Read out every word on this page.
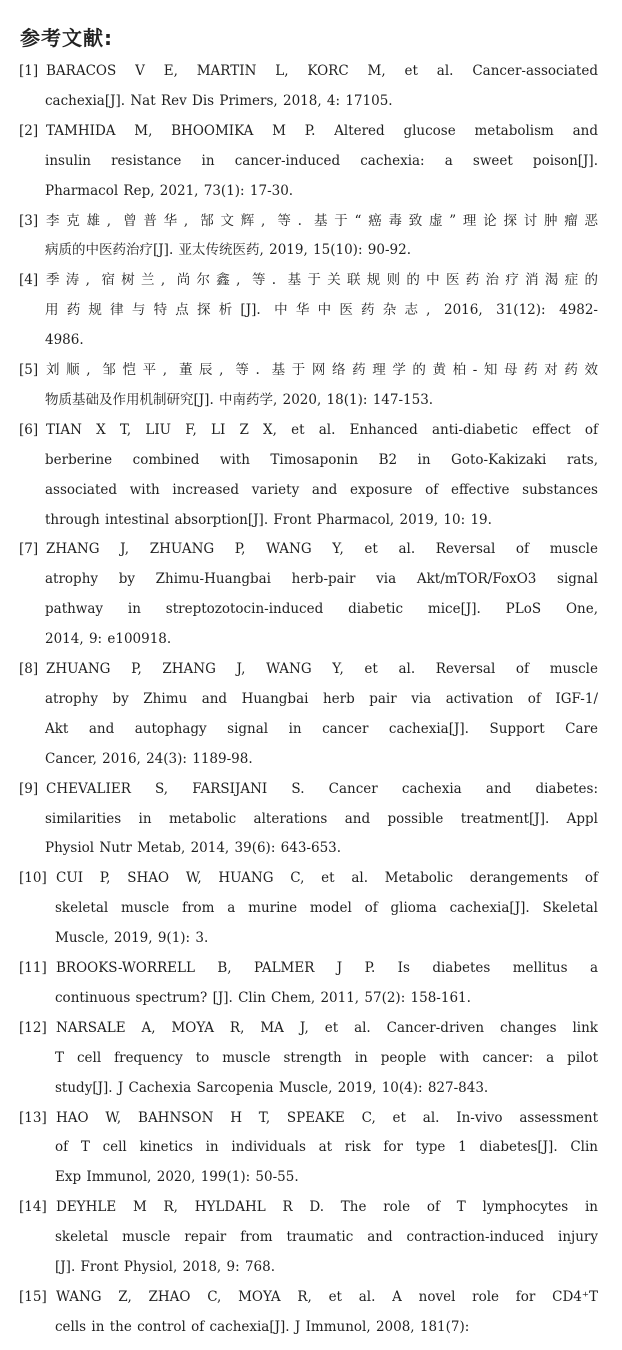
参考文献:
[1] BARACOS V E, MARTIN L, KORC M, et al. Cancer-associated
cachexia[J]. Nat Rev Dis Primers, 2018, 4: 17105.
[2] TAMHIDA M, BHOOMIKA M P. Altered glucose metabolism and
insulin resistance in cancer-induced cachexia: a sweet poison[J].
Pharmacol Rep, 2021, 73(1): 17-30.
[3] 李克雄, 曾普华, 郜文辉, 等. 基于“癌毒致虚”理论探讨肿瘤恶
病质的中医药治疗[J]. 亚太传统医药, 2019, 15(10): 90-92.
[4] 季涛, 宿树兰, 尚尔鑫, 等. 基于关联规则的中医药治疗消渴症的
用药规律与特点探析[J]. 中华中医药杂志, 2016, 31(12): 4982-
4986.
[5] 刘顺, 邹恺平, 董辰, 等. 基于网络药理学的黄柏-知母药对药效
物质基础及作用机制研究[J]. 中南药学, 2020, 18(1): 147-153.
[6] TIAN X T, LIU F, LI Z X, et al. Enhanced anti-diabetic effect of
berberine combined with Timosaponin B2 in Goto-Kakizaki rats,
associated with increased variety and exposure of effective substances
through intestinal absorption[J]. Front Pharmacol, 2019, 10: 19.
[7] ZHANG J, ZHUANG P, WANG Y, et al. Reversal of muscle
atrophy by Zhimu-Huangbai herb-pair via Akt/mTOR/FoxO3 signal
pathway in streptozotocin-induced diabetic mice[J]. PLoS One,
2014, 9: e100918.
[8] ZHUANG P, ZHANG J, WANG Y, et al. Reversal of muscle
atrophy by Zhimu and Huangbai herb pair via activation of IGF-1/
Akt and autophagy signal in cancer cachexia[J]. Support Care
Cancer, 2016, 24(3): 1189-98.
[9] CHEVALIER S, FARSIJANI S. Cancer cachexia and diabetes:
similarities in metabolic alterations and possible treatment[J]. Appl
Physiol Nutr Metab, 2014, 39(6): 643-653.
[10] CUI P, SHAO W, HUANG C, et al. Metabolic derangements of
skeletal muscle from a murine model of glioma cachexia[J]. Skeletal
Muscle, 2019, 9(1): 3.
[11] BROOKS-WORRELL B, PALMER J P. Is diabetes mellitus a
continuous spectrum? [J]. Clin Chem, 2011, 57(2): 158-161.
[12] NARSALE A, MOYA R, MA J, et al. Cancer-driven changes link
T cell frequency to muscle strength in people with cancer: a pilot
study[J]. J Cachexia Sarcopenia Muscle, 2019, 10(4): 827-843.
[13] HAO W, BAHNSON H T, SPEAKE C, et al. In-vivo assessment
of T cell kinetics in individuals at risk for type 1 diabetes[J]. Clin
Exp Immunol, 2020, 199(1): 50-55.
[14] DEYHLE M R, HYLDAHL R D. The role of T lymphocytes in
skeletal muscle repair from traumatic and contraction-induced injury
[J]. Front Physiol, 2018, 9: 768.
[15] WANG Z, ZHAO C, MOYA R, et al. A novel role for CD4⁺T
cells in the control of cachexia[J]. J Immunol, 2008, 181(7):
